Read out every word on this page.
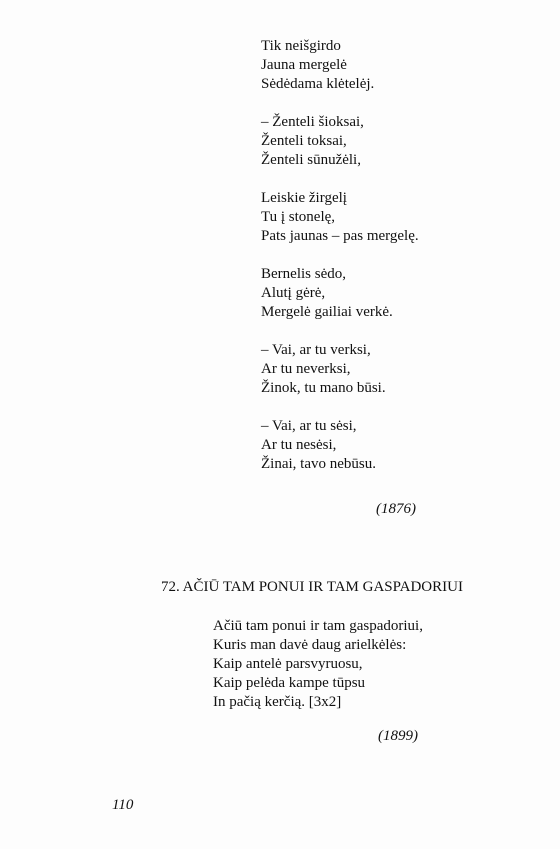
Tik neišgirdo
Jauna mergelė
Sėdėdama klėtelėj.
– Ženteli šioksai,
Ženteli toksai,
Ženteli sūnužėli,
Leiskie žirgelį
Tu į stonelę,
Pats jaunas – pas mergelę.
Bernelis sėdo,
Alutį gėrė,
Mergelė gailiai verkė.
– Vai, ar tu verksi,
Ar tu neverksi,
Žinok, tu mano būsi.
– Vai, ar tu sėsi,
Ar tu nesėsi,
Žinai, tavo nebūsu.
(1876)
72. AČIŪ TAM PONUI IR TAM GASPADORIUI
Ačiū tam ponui ir tam gaspadoriui,
Kuris man davė daug arielkėlės:
Kaip antelė parsvyruosu,
Kaip pelėda kampe tūpsu
In pačią kerčią. [3x2]
(1899)
110
